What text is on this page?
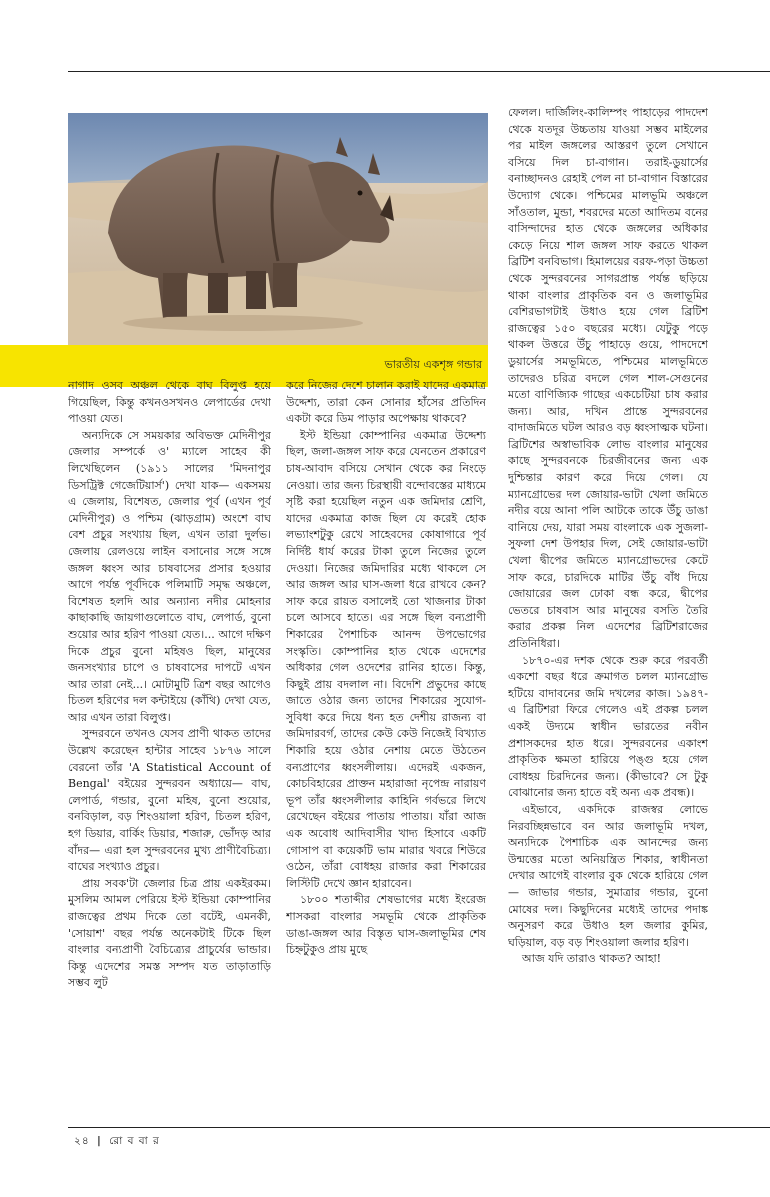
ভারতীয় একশৃঙ্গ গন্ডার

নাগাদ ওসব অঞ্চল থেকে বাঘ বিলুপ্ত হয়ে গিয়েছিল, কিন্তু কখনওসখনও লেপার্ডের দেখা পাওয়া যেত।

অন্যদিকে সে সময়কার অবিভক্ত মেদিনীপুর জেলার সম্পর্কে ও' ম্যালে সাহেব কী লিখেছিলেন (১৯১১ সালের 'মিদনাপুর ডিসট্রিক্ট গেজেটিয়ার্স') দেখা যাক— একসময় এ জেলায়, বিশেষত, জেলার পূর্ব (এখন পূর্ব মেদিনীপুর) ও পশ্চিম (ঝাড়গ্রাম) অংশে বাঘ বেশ প্রচুর সংখ্যায় ছিল, এখন তারা দুর্লভ। জেলায় রেলওয়ে লাইন বসানোর সঙ্গে সঙ্গে জঙ্গল ধ্বংস আর চাষবাসের প্রসার হওয়ার আগে পর্যন্ত পূর্বদিকে পলিমাটি সমৃদ্ধ অঞ্চলে, বিশেষত হলদি আর অন্যান্য নদীর মোহনার কাছাকাছি জায়গাগুলোতে বাঘ, লেপার্ড, বুনো শুয়োর আর হরিণ পাওয়া যেত।... আগে দক্ষিণ দিকে প্রচুর বুনো মহিষও ছিল, মানুষের জনসংখ্যার চাপে ও চাষবাসের দাপটে এখন আর তারা নেই...। মোটামুটি ত্রিশ বছর আগেও চিতল হরিণের দল কন্টাইয়ে (কাঁথি) দেখা যেত, আর এখন তারা বিলুপ্ত।

সুন্দরবনে তখনও যেসব প্রাণী থাকত তাদের উল্লেখ করেছেন হান্টার সাহেব ১৮৭৬ সালে বেরনো তাঁর 'A Statistical Account of Bengal' বইয়ের সুন্দরবন অধ্যায়ে— বাঘ, লেপার্ড, গন্ডার, বুনো মহিষ, বুনো শুয়োর, বনবিড়াল, বড় শিংওয়ালা হরিণ, চিতল হরিণ, হগ ডিয়ার, বার্কিং ডিয়ার, শজারু, ভোঁদড় আর বাঁদর— এরা হল সুন্দরবনের মুখ্য প্রাণীবৈচিত্র্য। বাঘের সংখ্যাও প্রচুর।

প্রায় সবক'টা জেলার চিত্র প্রায় একইরকম। মুসলিম আমল পেরিয়ে ইস্ট ইন্ডিয়া কোম্পানির রাজত্বের প্রথম দিকে তো বটেই, এমনকী, 'সোয়াশ' বছর পর্যন্ত অনেকটাই টিকে ছিল বাংলার বন্যপ্রাণী বৈচিত্র্যের প্রাচুর্যের ভান্ডার। কিন্তু এদেশের সমস্ত সম্পদ যত তাড়াতাড়ি সম্ভব লুট

করে নিজের দেশে চালান করাই যাদের একমাত্র উদ্দেশ্য, তারা কেন সোনার হাঁসের প্রতিদিন একটা করে ডিম পাড়ার অপেক্ষায় থাকবে?

ইস্ট ইন্ডিয়া কোম্পানির একমাত্র উদ্দেশ্য ছিল, জলা-জঙ্গল সাফ করে যেনতেন প্রকারেণ চাষ-আবাদ বসিয়ে সেখান থেকে কর নিংড়ে নেওয়া। তার জন্য চিরস্থায়ী বন্দোবস্তের মাধ্যমে সৃষ্টি করা হয়েছিল নতুন এক জমিদার শ্রেণি, যাদের একমাত্র কাজ ছিল যে করেই হোক লভ্যাংশটুকু রেখে সাহেবদের কোষাগারে পূর্ব নির্দিষ্ট ধার্য করের টাকা তুলে নিজের তুলে দেওয়া। নিজের জমিদারির মধ্যে থাকলে সে আর জঙ্গল আর ঘাস-জলা ধরে রাখবে কেন? সাফ করে রায়ত বসালেই তো খাজনার টাকা চলে আসবে হাতে। এর সঙ্গে ছিল বন্যপ্রাণী শিকারের পৈশাচিক আনন্দ উপভোগের সংস্কৃতি। কোম্পানির হাত থেকে এদেশের অধিকার গেল ওদেশের রানির হাতে। কিন্তু, কিছুই প্রায় বদলাল না। বিদেশি প্রভুদের কাছে জাতে ওঠার জন্য তাদের শিকারের সুযোগ-সুবিধা করে দিয়ে ধন্য হত দেশীয় রাজন্য বা জমিদারবর্গ, তাদের কেউ কেউ নিজেই বিখ্যাত শিকারি হয়ে ওঠার নেশায় মেতে উঠতেন বন্যপ্রাণের ধ্বংসলীলায়। এদেরই একজন, কোচবিহারের প্রাক্তন মহারাজা নৃপেন্দ্র নারায়ণ ভূপ তাঁর ধ্বংসলীলার কাহিনি গর্বভরে লিখে রেখেছেন বইয়ের পাতায় পাতায়। যাঁরা আজ এক অবোধ আদিবাসীর খাদ্য হিসাবে একটি গোসাপ বা কয়েকটি ভাম মারার খবরে শিউরে ওঠেন, তাঁরা বোধহয় রাজার করা শিকারের লিস্টিটি দেখে জ্ঞান হারাবেন।

১৮০০ শতাব্দীর শেষভাগের মধ্যে ইংরেজ শাসকরা বাংলার সমভূমি থেকে প্রাকৃতিক ডাঙা-জঙ্গল আর বিস্তৃত ঘাস-জলাভূমির শেষ চিহ্নটুকুও প্রায় মুছে

ফেলল। দার্জিলিং-কালিম্পং পাহাড়ের পাদদেশ থেকে যতদূর উচ্চতায় যাওয়া সম্ভব মাইলের পর মাইল জঙ্গলের আস্তরণ তুলে সেখানে বসিয়ে দিল চা-বাগান। তরাই-ডুয়ার্সের বনাচ্ছাদনও রেহাই পেল না চা-বাগান বিস্তারের উদ্যোগ থেকে। পশ্চিমের মালভূমি অঞ্চলে সাঁওতাল, মুন্ডা, শবরদের মতো আদিতম বনের বাসিন্দাদের হাত থেকে জঙ্গলের অধিকার কেড়ে নিয়ে শাল জঙ্গল সাফ করতে থাকল ব্রিটিশ বনবিভাগ। হিমালয়ের বরফ-পড়া উচ্চতা থেকে সুন্দরবনের সাগরপ্রান্ত পর্যন্ত ছড়িয়ে থাকা বাংলার প্রাকৃতিক বন ও জলাভূমির বেশিরভাগটাই উধাও হয়ে গেল ব্রিটিশ রাজত্বের ১৫০ বছরের মধ্যে। যেটুকু পড়ে থাকল উত্তরে উঁচু পাহাড়ে গুয়ে, পাদদেশে ডুয়ার্সের সমভূমিতে, পশ্চিমের মালভূমিতে তাদেরও চরিত্র বদলে গেল শাল-সেগুনের মতো বাণিজ্যিক গাছের একচেটিয়া চাষ করার জন্য। আর, দখিন প্রান্তে সুন্দরবনের বাদাজমিতে ঘটল আরও বড় ধ্বংসাত্মক ঘটনা। ব্রিটিশের অস্বাভাবিক লোভ বাংলার মানুষের কাছে সুন্দরবনকে চিরজীবনের জন্য এক দুশ্চিন্তার কারণ করে দিয়ে গেল। যে ম্যানগ্রোভের দল জোয়ার-ভাটা খেলা জমিতে নদীর বয়ে আনা পলি আটকে তাকে উঁচু ডাঙা বানিয়ে দেয়, যারা সময় বাংলাকে এক সুজলা-সুফলা দেশ উপহার দিল, সেই জোয়ার-ভাটা খেলা দ্বীপের জমিতে ম্যানগ্রোভদের কেটে সাফ করে, চারদিকে মাটির উঁচু বাঁধ দিয়ে জোয়ারের জল ঢোকা বন্ধ করে, দ্বীপের ভেতরে চাষবাস আর মানুষের বসতি তৈরি করার প্রকল্প নিল এদেশের ব্রিটিশরাজের প্রতিনিধিরা।

১৮৭০-এর দশক থেকে শুরু করে পরবর্তী একশো বছর ধরে ক্রমাগত চলল ম্যানগ্রোভ হটিয়ে বাদাবনের জমি দখলের কাজ। ১৯৪৭-এ ব্রিটিশরা ফিরে গেলেও এই প্রকল্প চলল একই উদ্যমে স্বাধীন ভারতের নবীন প্রশাসকদের হাত ধরে। সুন্দরবনের একাংশ প্রাকৃতিক ক্ষমতা হারিয়ে পঙ্গু হয়ে গেল বোধহয় চিরদিনের জন্য। (কীভাবে? সে টুকু বোঝানোর জন্য হাতে বই অন্য এক প্রবন্ধ)।

এইভাবে, একদিকে রাজস্বর লোভে নিরবচ্ছিন্নভাবে বন আর জলাভূমি দখল, অন্যদিকে পৈশাচিক এক আনন্দের জন্য উন্মত্তের মতো অনিয়ন্ত্রিত শিকার, স্বাধীনতা দেখার আগেই বাংলার বুক থেকে হারিয়ে গেল— জাভার গন্ডার, সুমাত্রার গন্ডার, বুনো মোষের দল। কিছুদিনের মধ্যেই তাদের পদাঙ্ক অনুসরণ করে উধাও হল জলার কুমির, ঘড়িয়াল, বড় বড় শিংওয়ালা জলার হরিণ।

আজ যদি তারাও থাকত? আহা!

২৪ | রো ব বা র
